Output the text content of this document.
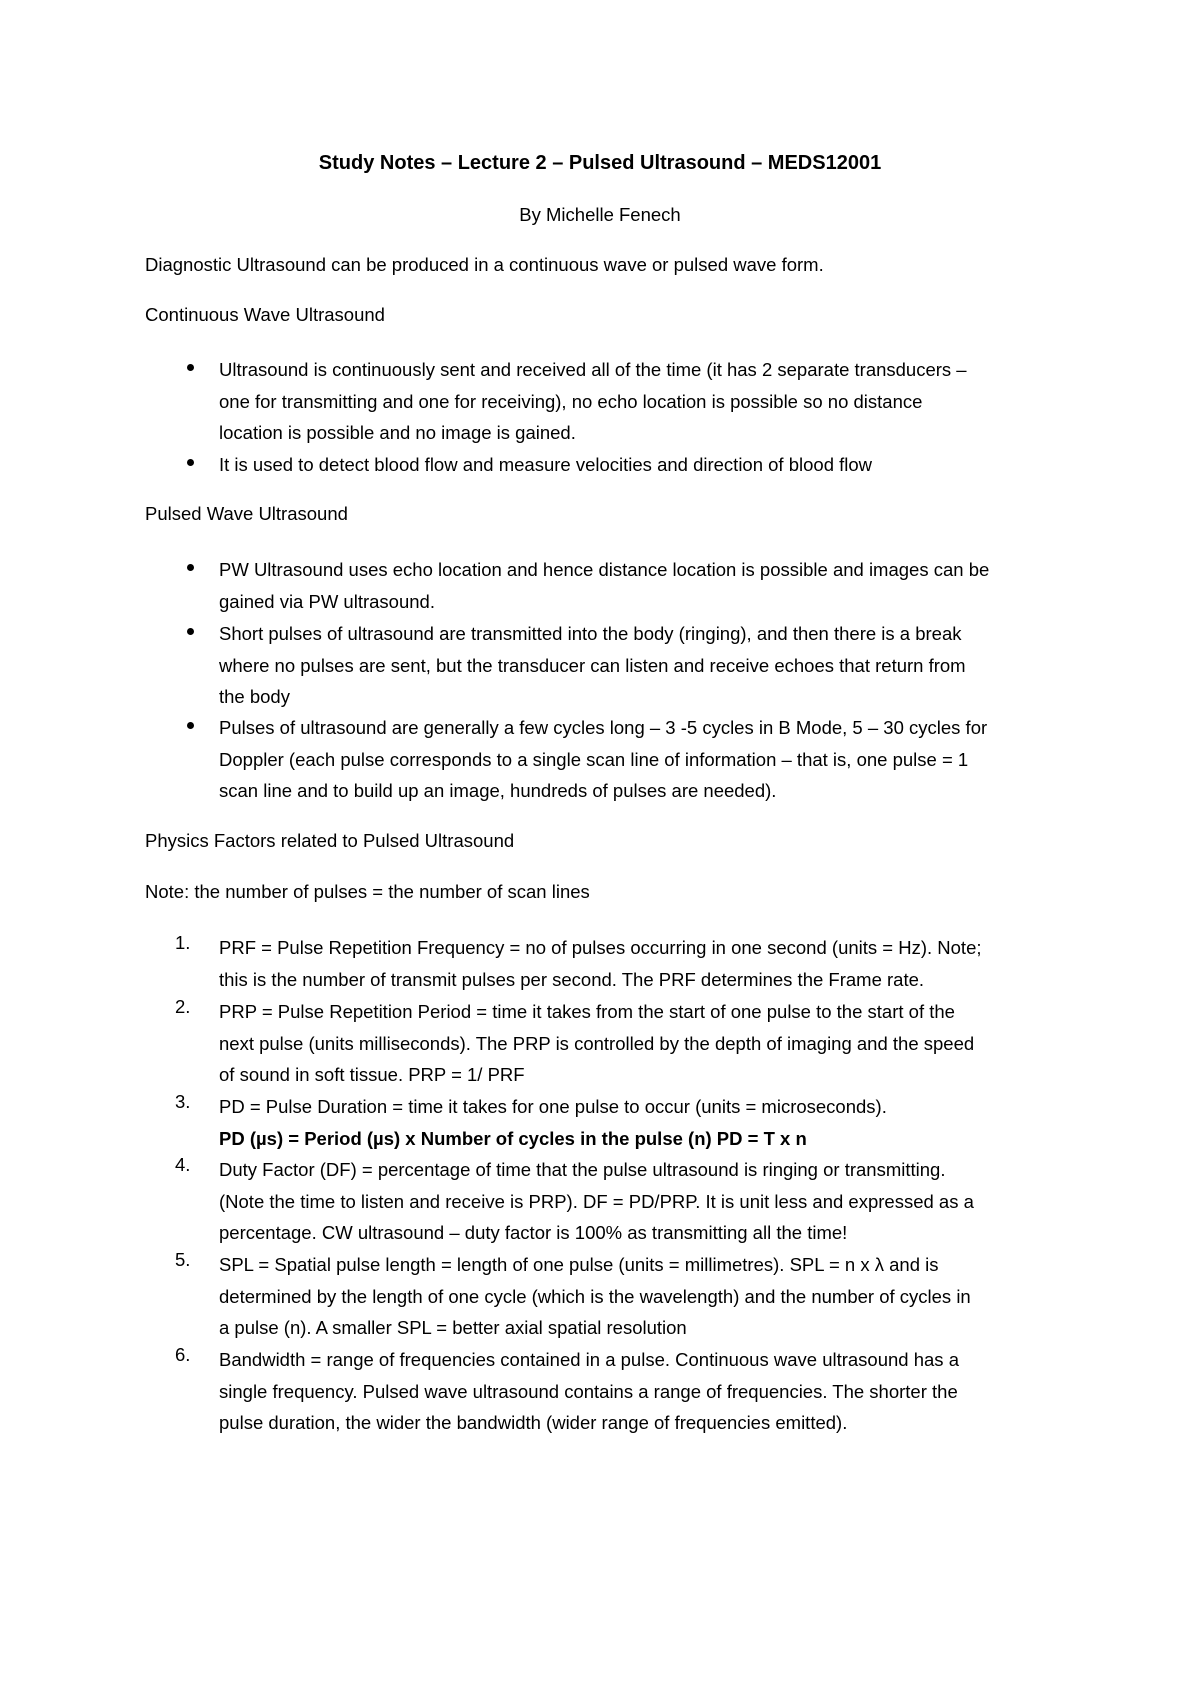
Study Notes – Lecture 2 – Pulsed Ultrasound – MEDS12001
By Michelle Fenech
Diagnostic Ultrasound can be produced in a continuous wave or pulsed wave form.
Continuous Wave Ultrasound
Ultrasound is continuously sent and received all of the time (it has 2 separate transducers –
one for transmitting and one for receiving), no echo location is possible so no distance
location is possible and no image is gained.
It is used to detect blood flow and measure velocities and direction of blood flow
Pulsed Wave Ultrasound
PW Ultrasound uses echo location and hence distance location is possible and images can be
gained via PW ultrasound.
Short pulses of ultrasound are transmitted into the body (ringing), and then there is a break
where no pulses are sent, but the transducer can listen and receive echoes that return from
the body
Pulses of ultrasound are generally a few cycles long – 3 -5 cycles in B Mode, 5 – 30 cycles for
Doppler (each pulse corresponds to a single scan line of information – that is, one pulse = 1
scan line and to build up an image, hundreds of pulses are needed).
Physics Factors related to Pulsed Ultrasound
Note: the number of pulses = the number of scan lines
1. PRF = Pulse Repetition Frequency = no of pulses occurring in one second (units = Hz). Note;
this is the number of transmit pulses per second. The PRF determines the Frame rate.
2. PRP = Pulse Repetition Period = time it takes from the start of one pulse to the start of the
next pulse (units milliseconds). The PRP is controlled by the depth of imaging and the speed
of sound in soft tissue. PRP = 1/ PRF
3. PD = Pulse Duration = time it takes for one pulse to occur (units = microseconds).
PD (µs) = Period (µs) x Number of cycles in the pulse (n) PD = T x n
4. Duty Factor (DF) = percentage of time that the pulse ultrasound is ringing or transmitting.
(Note the time to listen and receive is PRP). DF = PD/PRP. It is unit less and expressed as a
percentage. CW ultrasound – duty factor is 100% as transmitting all the time!
5. SPL = Spatial pulse length = length of one pulse (units = millimetres). SPL = n x λ and is
determined by the length of one cycle (which is the wavelength) and the number of cycles in
a pulse (n). A smaller SPL = better axial spatial resolution
6. Bandwidth = range of frequencies contained in a pulse. Continuous wave ultrasound has a
single frequency. Pulsed wave ultrasound contains a range of frequencies. The shorter the
pulse duration, the wider the bandwidth (wider range of frequencies emitted).
